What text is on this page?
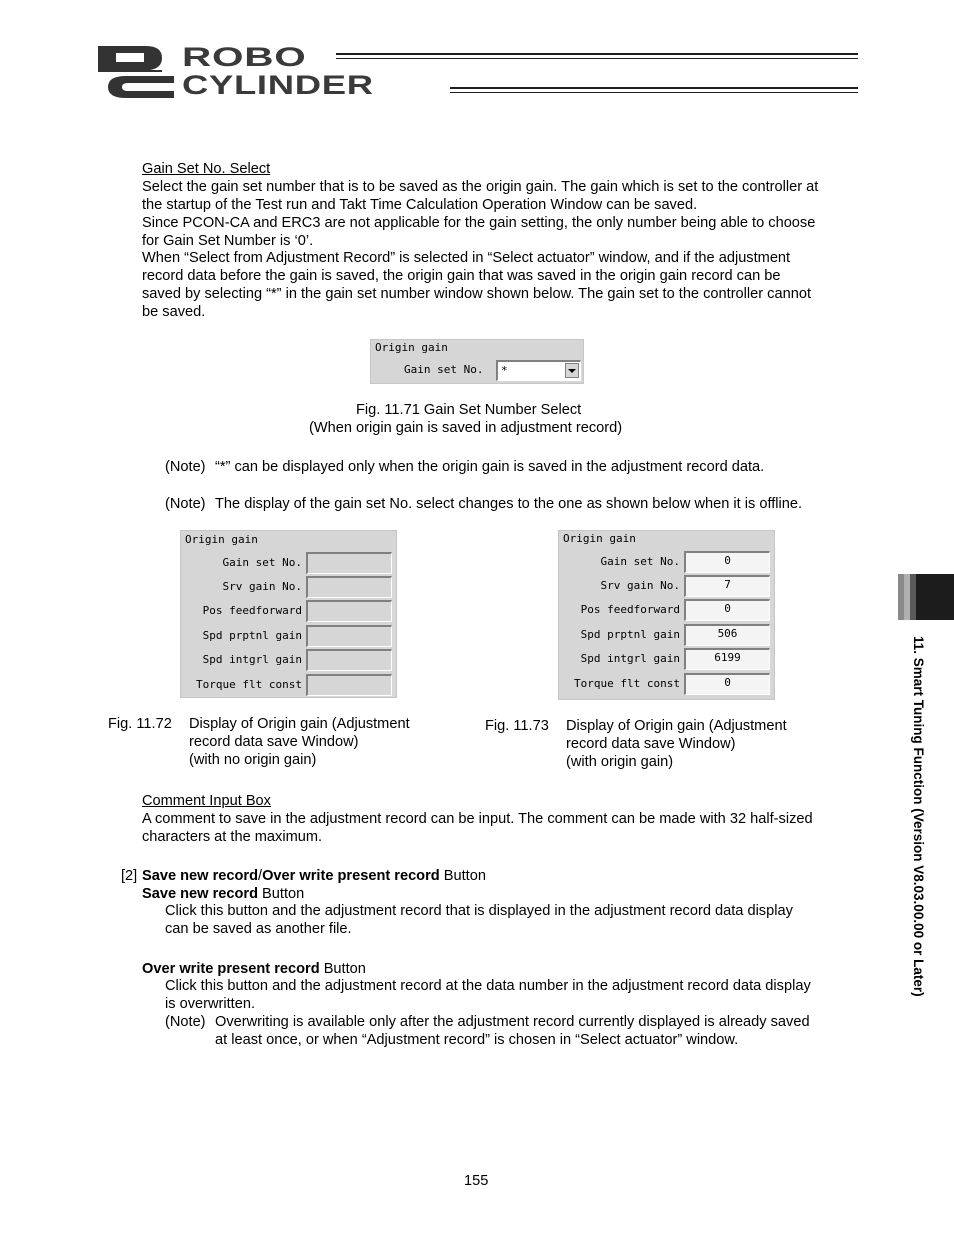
ROBO
CYLINDER
11. Smart Tuning Function (Version V8.03.00.00 or Later)
Gain Set No. Select
Select the gain set number that is to be saved as the origin gain. The gain which is set to the controller at
the startup of the Test run and Takt Time Calculation Operation Window can be saved.
Since PCON-CA and ERC3 are not applicable for the gain setting, the only number being able to choose
for Gain Set Number is ‘0’.
When “Select from Adjustment Record” is selected in “Select actuator” window, and if the adjustment
record data before the gain is saved, the origin gain that was saved in the origin gain record can be
saved by selecting “*” in the gain set number window shown below. The gain set to the controller cannot
be saved.
Origin gain
Gain set No. *
Fig. 11.71 Gain Set Number Select
(When origin gain is saved in adjustment record)
(Note) “*” can be displayed only when the origin gain is saved in the adjustment record data.
(Note) The display of the gain set No. select changes to the one as shown below when it is offline.
Origin gain
Gain set No.
Srv gain No.
Pos feedforward
Spd prptnl gain
Spd intgrl gain
Torque flt const
Origin gain
Gain set No.	0
Srv gain No.	7
Pos feedforward	0
Spd prptnl gain	506
Spd intgrl gain	6199
Torque flt const	0
Fig. 11.72 Display of Origin gain (Adjustment
record data save Window)
(with no origin gain)
Fig. 11.73 Display of Origin gain (Adjustment
record data save Window)
(with origin gain)
Comment Input Box
A comment to save in the adjustment record can be input. The comment can be made with 32 half-sized
characters at the maximum.
[2] Save new record/Over write present record Button
Save new record Button
Click this button and the adjustment record that is displayed in the adjustment record data display
can be saved as another file.
Over write present record Button
Click this button and the adjustment record at the data number in the adjustment record data display
is overwritten.
(Note) Overwriting is available only after the adjustment record currently displayed is already saved
at least once, or when “Adjustment record” is chosen in “Select actuator” window.
155
